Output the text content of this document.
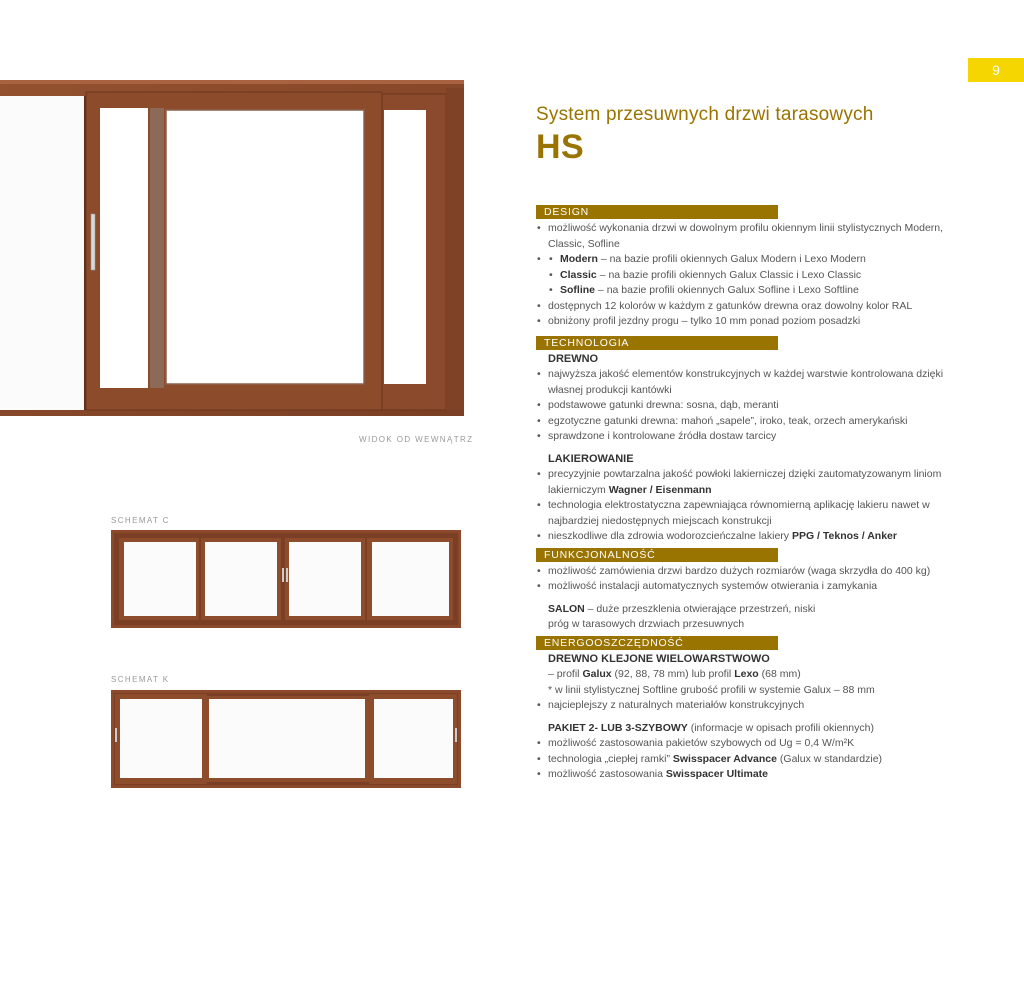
9
WIDOK OD WEWNĄTRZ
SCHEMAT C
SCHEMAT K
System przesuwnych drzwi tarasowych
HS
DESIGN
• możliwość wykonania drzwi w dowolnym profilu okiennym linii stylistycznych Modern, Classic, Sofline
• • Modern – na bazie profili okiennych Galux Modern i Lexo Modern
• Classic – na bazie profili okiennych Galux Classic i Lexo Classic
• Sofline – na bazie profili okiennych Galux Sofline i Lexo Softline
• dostępnych 12 kolorów w każdym z gatunków drewna oraz dowolny kolor RAL
• obniżony profil jezdny progu – tylko 10 mm ponad poziom posadzki
TECHNOLOGIA
DREWNO
• najwyższa jakość elementów konstrukcyjnych w każdej warstwie kontrolowana dzięki własnej produkcji kantówki
• podstawowe gatunki drewna: sosna, dąb, meranti
• egzotyczne gatunki drewna: mahoń „sapele”, iroko, teak, orzech amerykański
• sprawdzone i kontrolowane źródła dostaw tarcicy
LAKIEROWANIE
• precyzyjnie powtarzalna jakość powłoki lakierniczej dzięki zautomatyzowanym liniom lakierniczym Wagner / Eisenmann
• technologia elektrostatyczna zapewniająca równomierną aplikację lakieru nawet w najbardziej niedostępnych miejscach konstrukcji
• nieszkodliwe dla zdrowia wodorozcieńczalne lakiery PPG / Teknos / Anker
FUNKCJONALNOŚĆ
• możliwość zamówienia drzwi bardzo dużych rozmiarów (waga skrzydła do 400 kg)
• możliwość instalacji automatycznych systemów otwierania i zamykania
SALON – duże przeszklenia otwierające przestrzeń, niski próg w tarasowych drzwiach przesuwnych
ENERGOOSZCZĘDNOŚĆ
DREWNO KLEJONE WIELOWARSTWOWO
– profil Galux (92, 88, 78 mm) lub profil Lexo (68 mm)
* w linii stylistycznej Softline grubość profili w systemie Galux – 88 mm
• najcieplejszy z naturalnych materiałów konstrukcyjnych
PAKIET 2- LUB 3-SZYBOWY (informacje w opisach profili okiennych)
• możliwość zastosowania pakietów szybowych od Ug = 0,4 W/m²K
• technologia „ciepłej ramki” Swisspacer Advance (Galux w standardzie)
• możliwość zastosowania Swisspacer Ultimate
